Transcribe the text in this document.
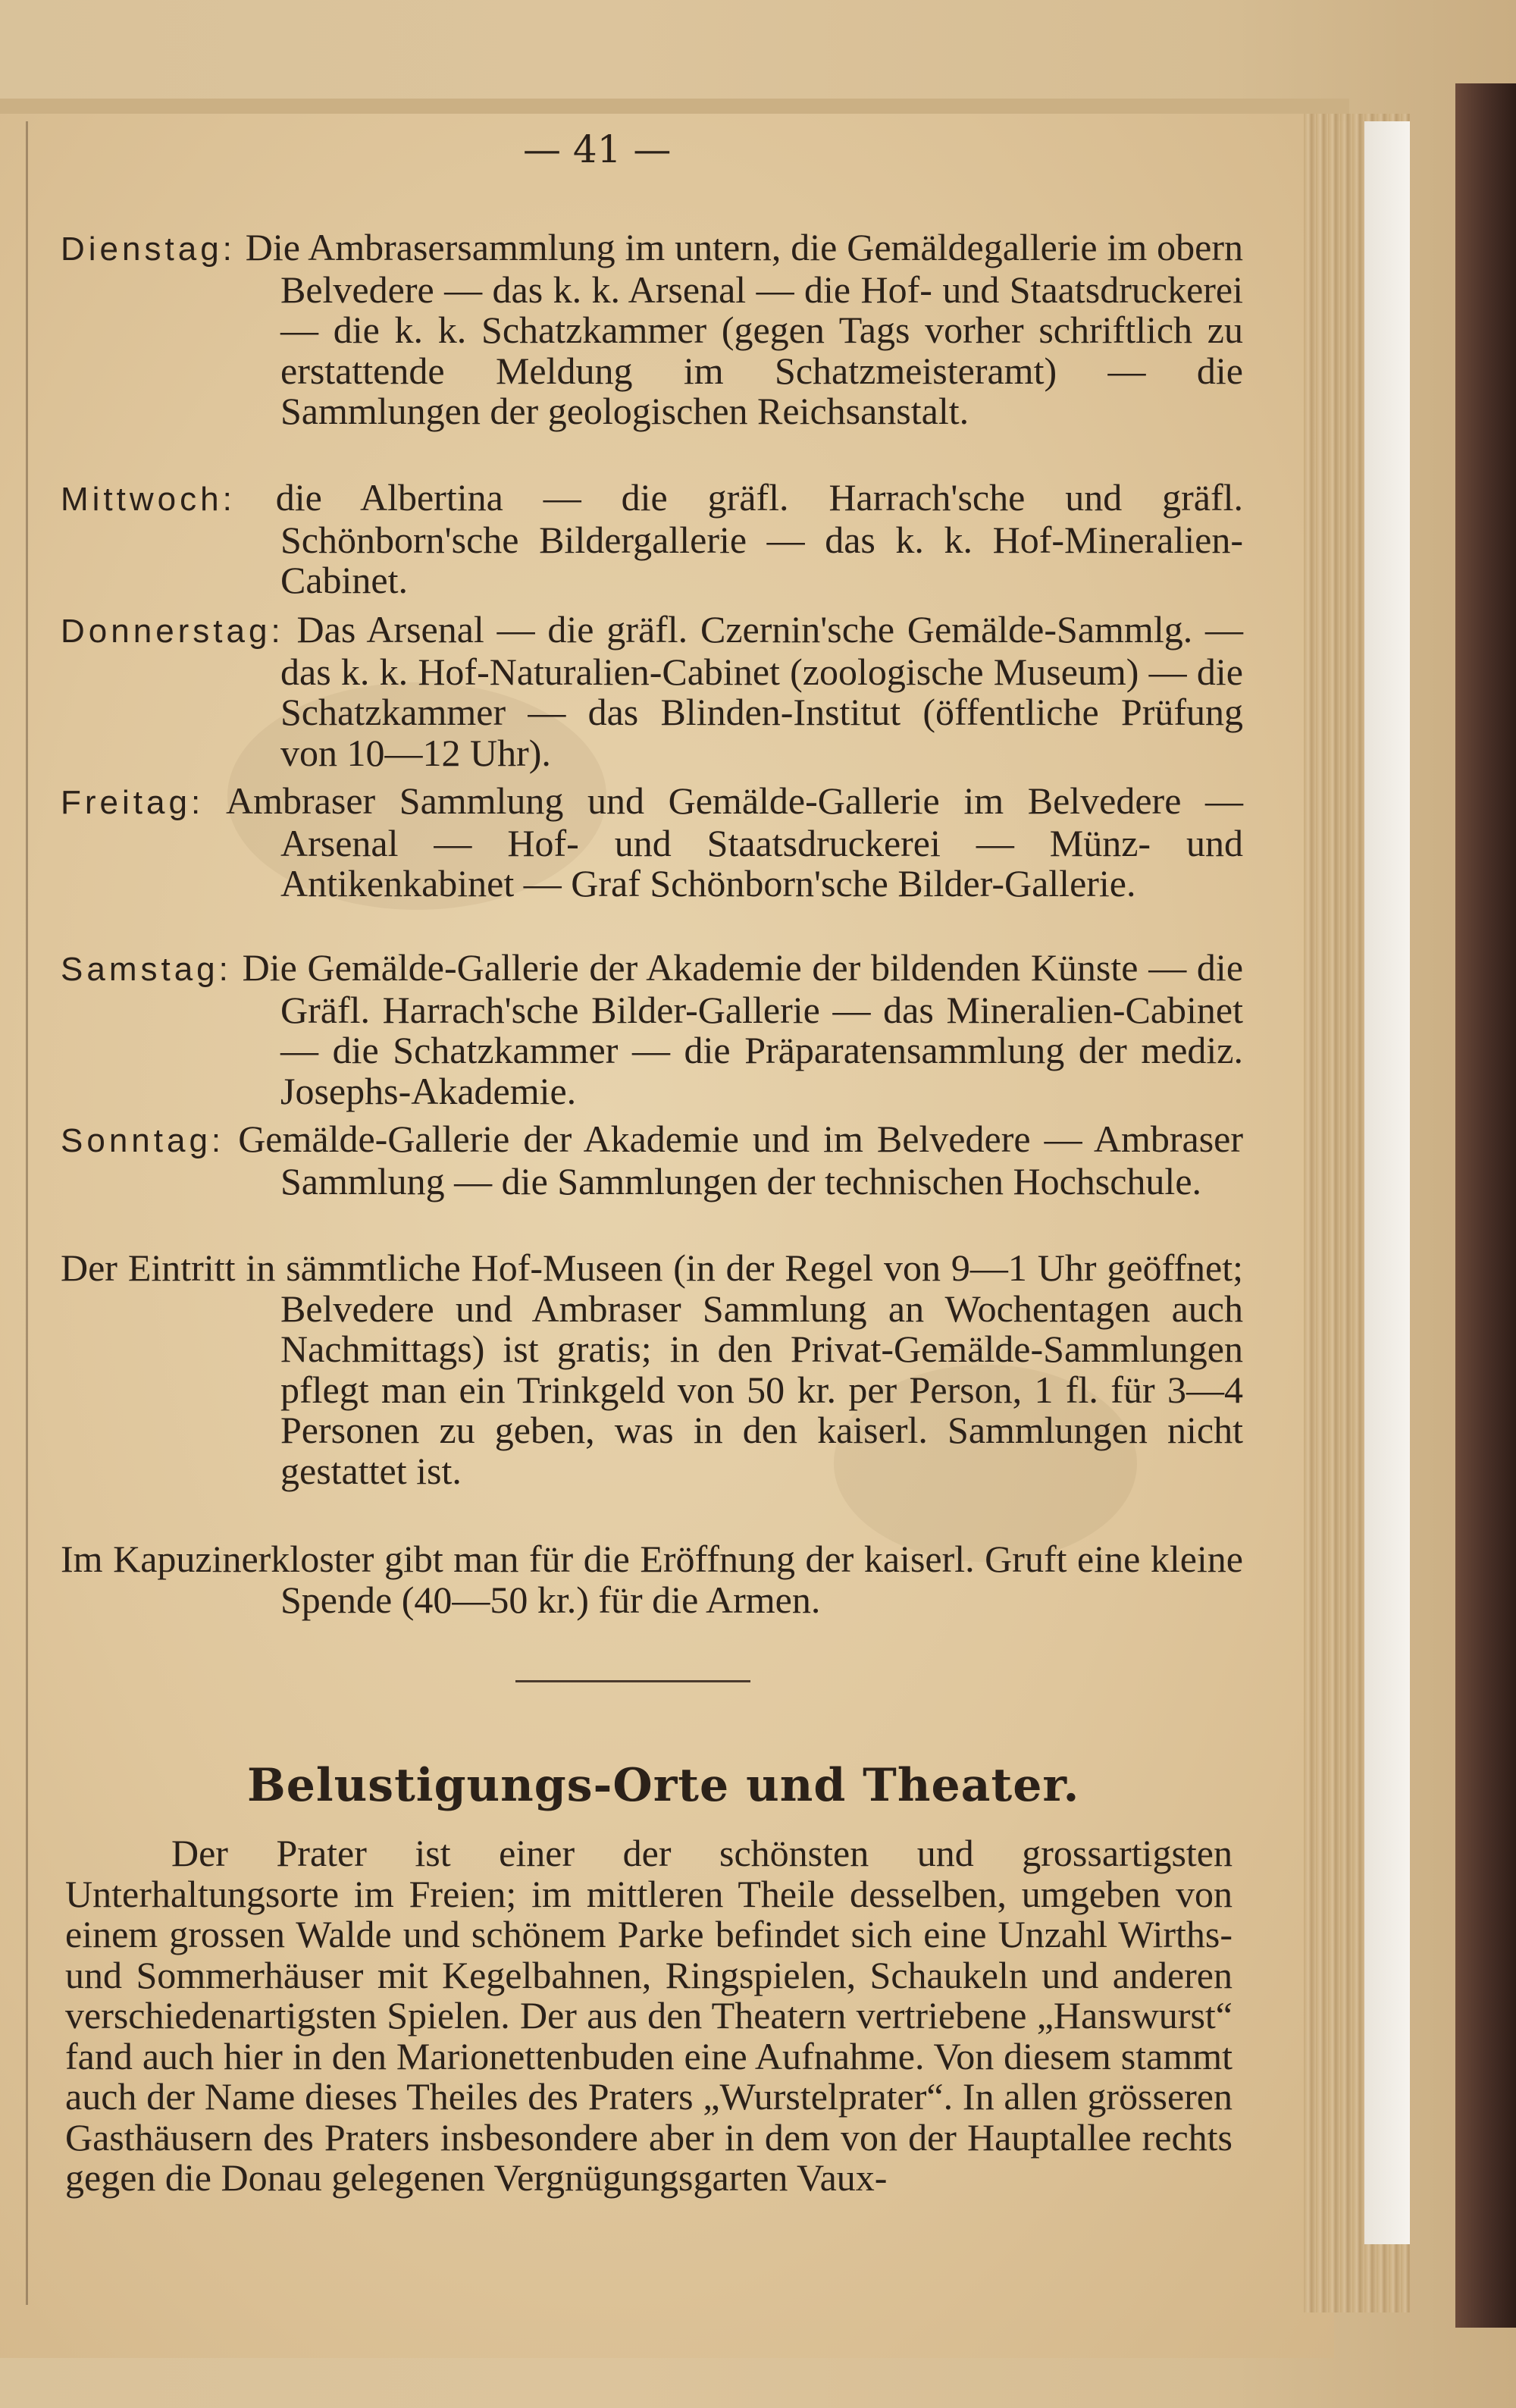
— 41 —

Dienstag: Die Ambrasersammlung im untern, die Gemäldegallerie im obern Belvedere — das k. k. Arsenal — die Hof- und Staatsdruckerei — die k. k. Schatzkammer (gegen Tags vorher schriftlich zu erstattende Meldung im Schatzmeisteramt) — die Sammlungen der geologischen Reichsanstalt.

Mittwoch: die Albertina — die gräfl. Harrach'sche und gräfl. Schönborn'sche Bildergallerie — das k. k. Hof-Mineralien-Cabinet.

Donnerstag: Das Arsenal — die gräfl. Czernin'sche Gemälde-Sammlg. — das k. k. Hof-Naturalien-Cabinet (zoologische Museum) — die Schatzkammer — das Blinden-Institut (öffentliche Prüfung von 10—12 Uhr).

Freitag: Ambraser Sammlung und Gemälde-Gallerie im Belvedere — Arsenal — Hof- und Staatsdruckerei — Münz- und Antikenkabinet — Graf Schönborn'sche Bilder-Gallerie.

Samstag: Die Gemälde-Gallerie der Akademie der bildenden Künste — die Gräfl. Harrach'sche Bilder-Gallerie — das Mineralien-Cabinet — die Schatzkammer — die Präparatensammlung der mediz. Josephs-Akademie.

Sonntag: Gemälde-Gallerie der Akademie und im Belvedere — Ambraser Sammlung — die Sammlungen der technischen Hochschule.

Der Eintritt in sämmtliche Hof-Museen (in der Regel von 9—1 Uhr geöffnet; Belvedere und Ambraser Sammlung an Wochentagen auch Nachmittags) ist gratis; in den Privat-Gemälde-Sammlungen pflegt man ein Trinkgeld von 50 kr. per Person, 1 fl. für 3—4 Personen zu geben, was in den kaiserl. Sammlungen nicht gestattet ist.

Im Kapuzinerkloster gibt man für die Eröffnung der kaiserl. Gruft eine kleine Spende (40—50 kr.) für die Armen.

Belustigungs-Orte und Theater.

Der Prater ist einer der schönsten und grossartigsten Unterhaltungsorte im Freien; im mittleren Theile desselben, umgeben von einem grossen Walde und schönem Parke befindet sich eine Unzahl Wirths- und Sommerhäuser mit Kegelbahnen, Ringspielen, Schaukeln und anderen verschiedenartigsten Spielen. Der aus den Theatern vertriebene „Hanswurst“ fand auch hier in den Marionettenbuden eine Aufnahme. Von diesem stammt auch der Name dieses Theiles des Praters „Wurstelprater“. In allen grösseren Gasthäusern des Praters insbesondere aber in dem von der Hauptallee rechts gegen die Donau gelegenen Vergnügungsgarten Vaux-
